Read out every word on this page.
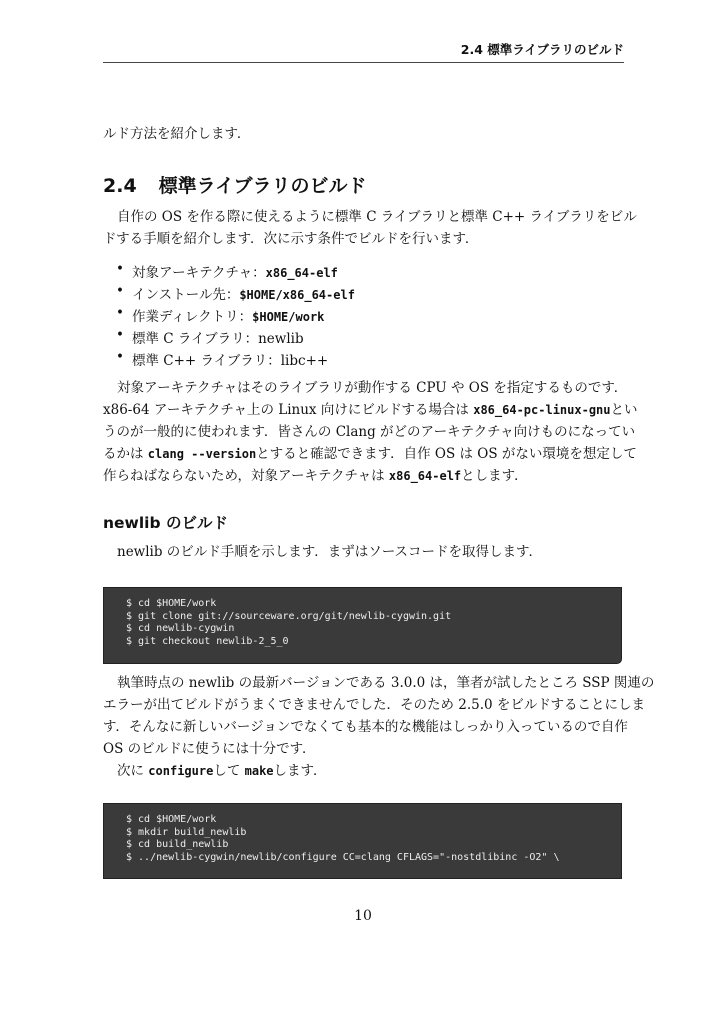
2.4 標準ライブラリのビルド
ルド方法を紹介します．
2.4 標準ライブラリのビルド
自作の OS を作る際に使えるように標準 C ライブラリと標準 C++ ライブラリをビル
ドする手順を紹介します．次に示す条件でビルドを行います．
• 対象アーキテクチャ：x86_64-elf
• インストール先：$HOME/x86_64-elf
• 作業ディレクトリ：$HOME/work
• 標準 C ライブラリ：newlib
• 標準 C++ ライブラリ：libc++
対象アーキテクチャはそのライブラリが動作する CPU や OS を指定するものです．
x86-64 アーキテクチャ上の Linux 向けにビルドする場合は x86_64-pc-linux-gnuとい
うのが一般的に使われます．皆さんの Clang がどのアーキテクチャ向けものになってい
るかは clang --versionとすると確認できます．自作 OS は OS がない環境を想定して
作らねばならないため，対象アーキテクチャは x86_64-elfとします．
newlib のビルド
newlib のビルド手順を示します．まずはソースコードを取得します．
$ cd $HOME/work
$ git clone git://sourceware.org/git/newlib-cygwin.git
$ cd newlib-cygwin
$ git checkout newlib-2_5_0
執筆時点の newlib の最新バージョンである 3.0.0 は，筆者が試したところ SSP 関連の
エラーが出てビルドがうまくできませんでした．そのため 2.5.0 をビルドすることにしま
す．そんなに新しいバージョンでなくても基本的な機能はしっかり入っているので自作
OS のビルドに使うには十分です．
次に configureして makeします．
$ cd $HOME/work
$ mkdir build_newlib
$ cd build_newlib
$ ../newlib-cygwin/newlib/configure CC=clang CFLAGS="-nostdlibinc -O2" \
10
